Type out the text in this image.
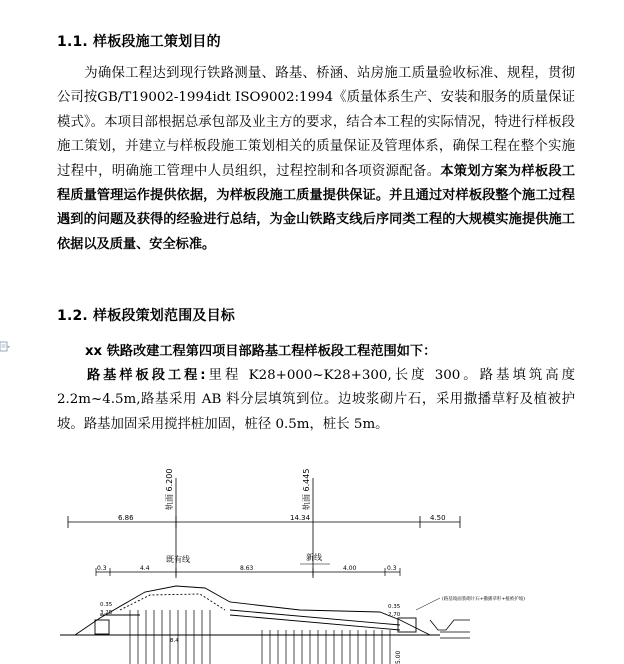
1.1. 样板段施工策划目的
为确保工程达到现行铁路测量、路基、桥涵、站房施工质量验收标准、规程，贯彻公司按GB/T19002-1994idt ISO9002:1994《质量体系生产、安装和服务的质量保证模式》。本项目部根据总承包部及业主方的要求，结合本工程的实际情况，特进行样板段施工策划，并建立与样板段施工策划相关的质量保证及管理体系，确保工程在整个实施过程中，明确施工管理中人员组织，过程控制和各项资源配备。本策划方案为样板段工程质量管理运作提供依据，为样板段施工质量提供保证。并且通过对样板段整个施工过程遇到的问题及获得的经验进行总结，为金山铁路支线后序同类工程的大规模实施提供施工依据以及质量、安全标准。
1.2. 样板段策划范围及目标
xx 铁路改建工程第四项目部路基工程样板段工程范围如下：
路基样板段工程:里程 K28+000~K28+300,长度 300。路基填筑高度 2.2m~4.5m,路基采用 AB 料分层填筑到位。边坡浆砌片石，采用撒播草籽及植被护坡。路基加固采用搅拌桩加固，桩径 0.5m，桩长 5m。
轨面 6.200	轨面 6.445
6.86	14.34	4.50
既有线	新线
0.3	4.4	8.63	4.00	0.3
0.35
3.25
0.35
2.70
8.4
5.00
(路基坡面浆砌片石+撒播草籽+植被护坡)
